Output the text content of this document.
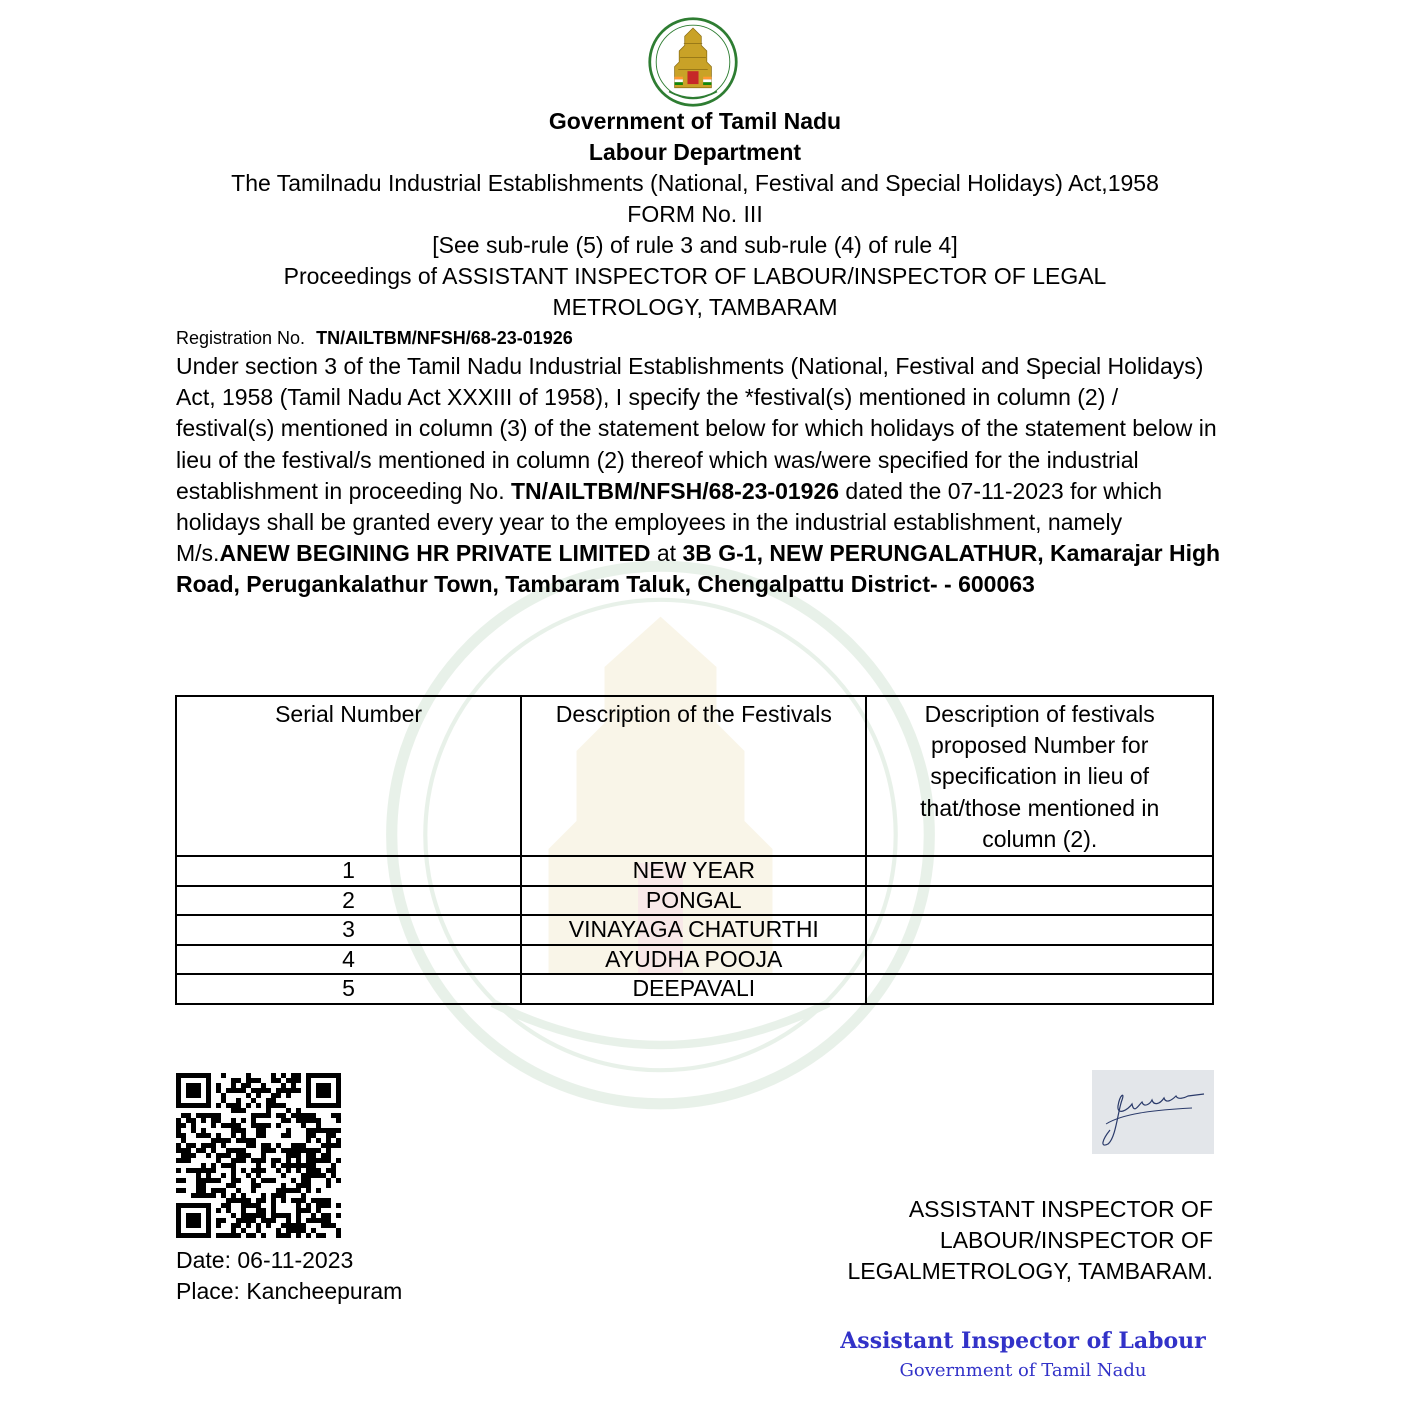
Government of Tamil Nadu
Labour Department
The Tamilnadu Industrial Establishments (National, Festival and Special Holidays) Act,1958
FORM No. III
[See sub-rule (5) of rule 3 and sub-rule (4) of rule 4]
Proceedings of ASSISTANT INSPECTOR OF LABOUR/INSPECTOR OF LEGAL
METROLOGY, TAMBARAM
Registration No. TN/AILTBM/NFSH/68-23-01926
Under section 3 of the Tamil Nadu Industrial Establishments (National, Festival and Special Holidays) Act, 1958 (Tamil Nadu Act XXXIII of 1958), I specify the *festival(s) mentioned in column (2) / festival(s) mentioned in column (3) of the statement below for which holidays of the statement below in lieu of the festival/s mentioned in column (2) thereof which was/were specified for the industrial establishment in proceeding No. TN/AILTBM/NFSH/68-23-01926 dated the 07-11-2023 for which holidays shall be granted every year to the employees in the industrial establishment, namely M/s.ANEW BEGINING HR PRIVATE LIMITED at 3B G-1, NEW PERUNGALATHUR, Kamarajar High Road, Perugankalathur Town, Tambaram Taluk, Chengalpattu District- - 600063
Serial Number	Description of the Festivals	Description of festivals proposed Number for specification in lieu of that/those mentioned in column (2).
1	NEW YEAR	
2	PONGAL	
3	VINAYAGA CHATURTHI	
4	AYUDHA POOJA	
5	DEEPAVALI	
Date: 06-11-2023
Place: Kancheepuram
ASSISTANT INSPECTOR OF
LABOUR/INSPECTOR OF
LEGALMETROLOGY, TAMBARAM.
Assistant Inspector of Labour
Government of Tamil Nadu
